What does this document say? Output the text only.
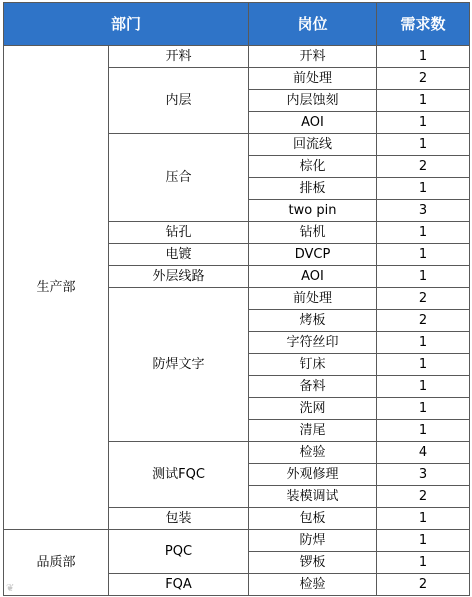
部门		岗位	需求数
生产部	开料	开料	1
	内层	前处理	2
		内层蚀刻	1
		AOI	1
	压合	回流线	1
		棕化	2
		排板	1
		two pin	3
	钻孔	钻机	1
	电镀	DVCP	1
	外层线路	AOI	1
	防焊文字	前处理	2
		烤板	2
		字符丝印	1
		钉床	1
		备料	1
		洗网	1
		清尾	1
	测试FQC	检验	4
		外观修理	3
		装模调试	2
	包装	包板	1
品质部	PQC	防焊	1
		锣板	1
	FQA	检验	2
❦
